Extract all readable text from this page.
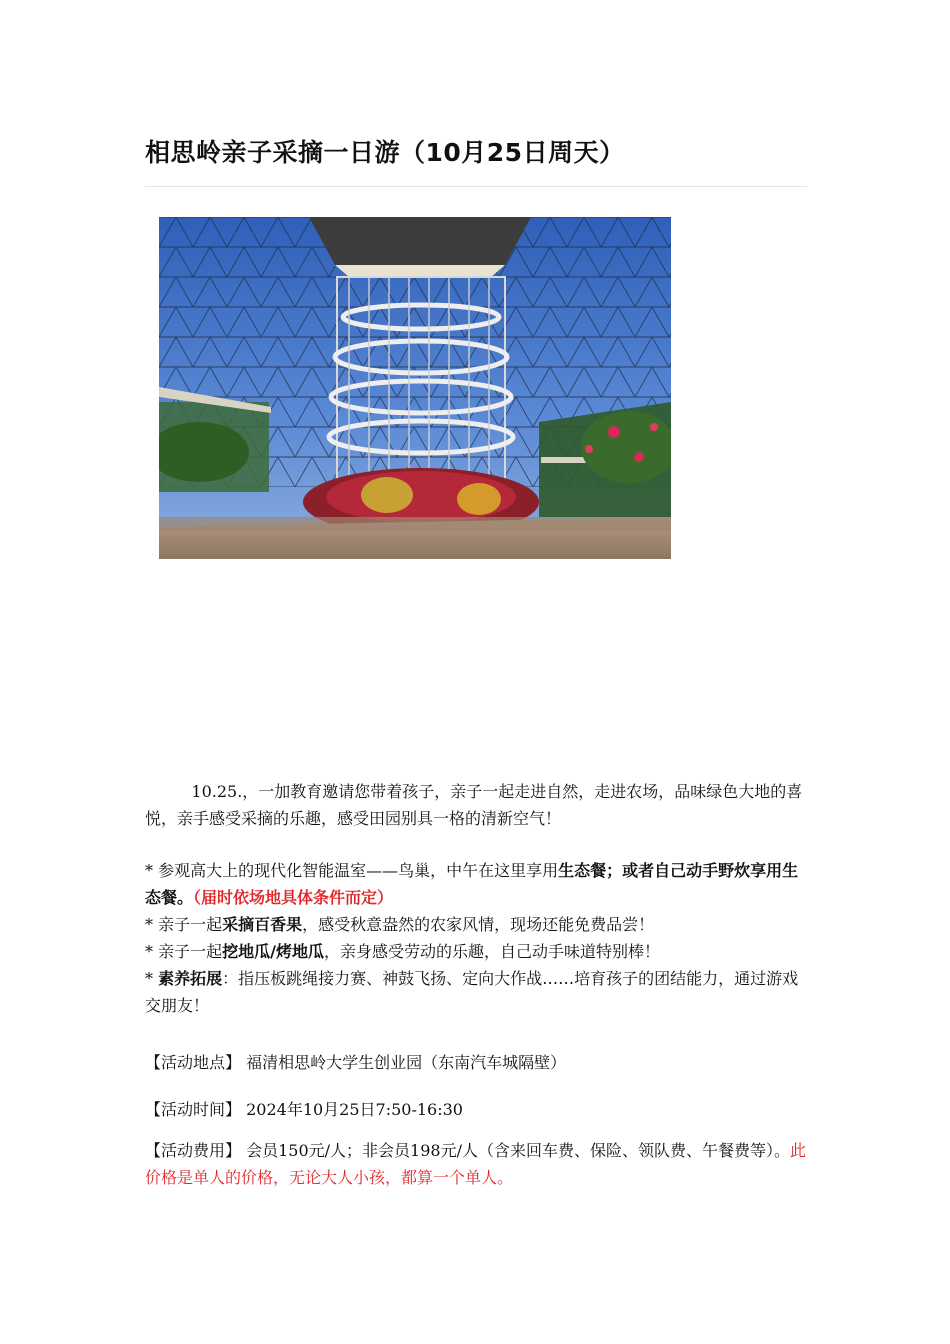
相思岭亲子采摘一日游（10月25日周天）

10.25.，一加教育邀请您带着孩子，亲子一起走进自然，走进农场，品味绿色大地的喜悦，亲手感受采摘的乐趣，感受田园别具一格的清新空气！

* 参观高大上的现代化智能温室——鸟巢，中午在这里享用生态餐；或者自己动手野炊享用生态餐。（届时依场地具体条件而定）

* 亲子一起采摘百香果，感受秋意盎然的农家风情，现场还能免费品尝！

* 亲子一起挖地瓜/烤地瓜，亲身感受劳动的乐趣，自己动手味道特别棒！

* 素养拓展：指压板跳绳接力赛、神鼓飞扬、定向大作战……培育孩子的团结能力，通过游戏交朋友！

【活动地点】 福清相思岭大学生创业园（东南汽车城隔壁）

【活动时间】 2024年10月25日7:50-16:30

【活动费用】 会员150元/人；非会员198元/人（含来回车费、保险、领队费、午餐费等）。此价格是单人的价格，无论大人小孩，都算一个单人。
